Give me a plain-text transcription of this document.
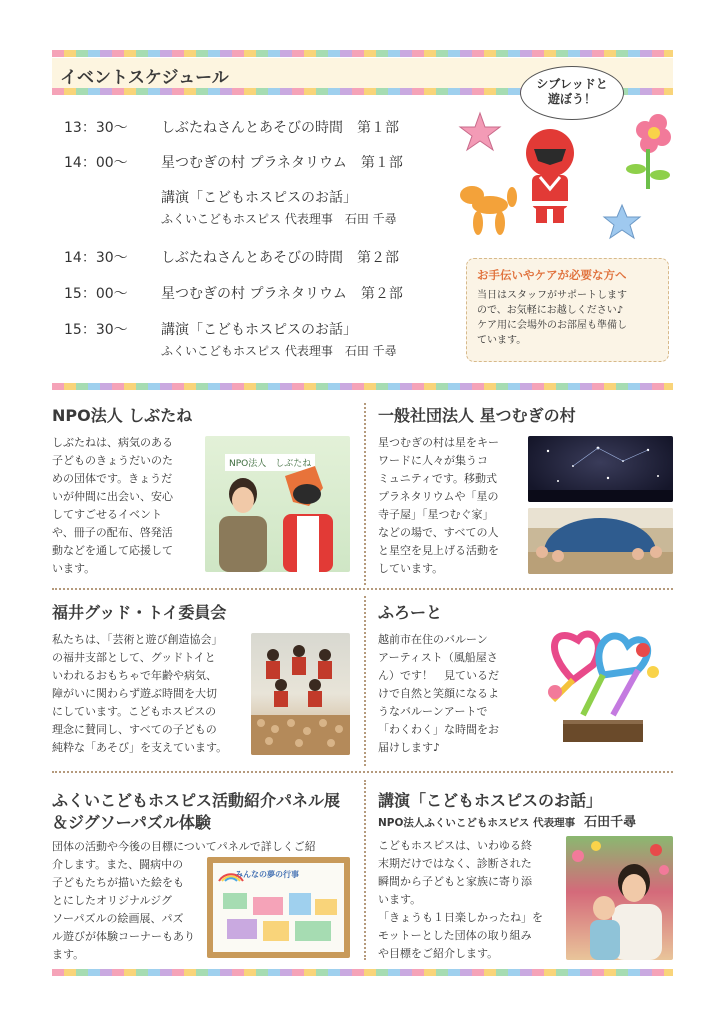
イベントスケジュール
13：30～ しぶたねさんとあそびの時間　第１部
14：00～ 星つむぎの村 プラネタリウム　第１部
講演「こどもホスピスのお話」
ふくいこどもホスピス 代表理事　石田 千尋
14：30～ しぶたねさんとあそびの時間　第２部
15：00～ 星つむぎの村 プラネタリウム　第２部
15：30～ 講演「こどもホスピスのお話」
ふくいこどもホスピス 代表理事　石田 千尋
シブレッドと
遊ぼう！
お手伝いやケアが必要な方へ

当日はスタッフがサポートします
ので、お気軽にお越しください♪
ケア用に会場外のお部屋も準備し
ています。

NPO法人 しぶたね
しぶたねは、病気のある
子どものきょうだいのた
めの団体です。きょうだ
いが仲間に出会い、安心
してすごせるイベント
や、冊子の配布、啓発活
動などを通して応援して
います。
NPO法人　しぶたね
一般社団法人 星つむぎの村
星つむぎの村は星をキー
ワードに人々が集うコ
ミュニティです。移動式
プラネタリウムや「星の
寺子屋」「星つむぐ家」
などの場で、すべての人
と星空を見上げる活動を
しています。
福井グッド・トイ委員会
私たちは、「芸術と遊び創造協会」
の福井支部として、グッドトイと
いわれるおもちゃで年齢や病気、
障がいに関わらず遊ぶ時間を大切
にしています。こどもホスピスの
理念に賛同し、すべての子どもの
純粋な「あそび」を支えています。
ふろーと
越前市在住のバルーン
アーティスト（風船屋さ
ん）です！　見ているだ
けで自然と笑顔になるよ
うなバルーンアートで
「わくわく」な時間をお
届けします♪
ふくいこどもホスピス活動紹介パネル展
＆ジグソーパズル体験
団体の活動や今後の目標についてパネルで詳しくご紹
介します。また、闘病中の
子どもたちが描いた絵をも
とにしたオリジナルジグ
ソーパズルの絵画展、パズ
ル遊びが体験コーナーもあり
ます。
みんなの夢の行事
講演「こどもホスピスのお話」
NPO法人ふくいこどもホスピス 代表理事 石田千尋
こどもホスピスは、いわゆる終
末期だけではなく、診断された
瞬間から子どもと家族に寄り添
います。
「きょうも１日楽しかったね」を
モットーとした団体の取り組み
や目標をご紹介します。
